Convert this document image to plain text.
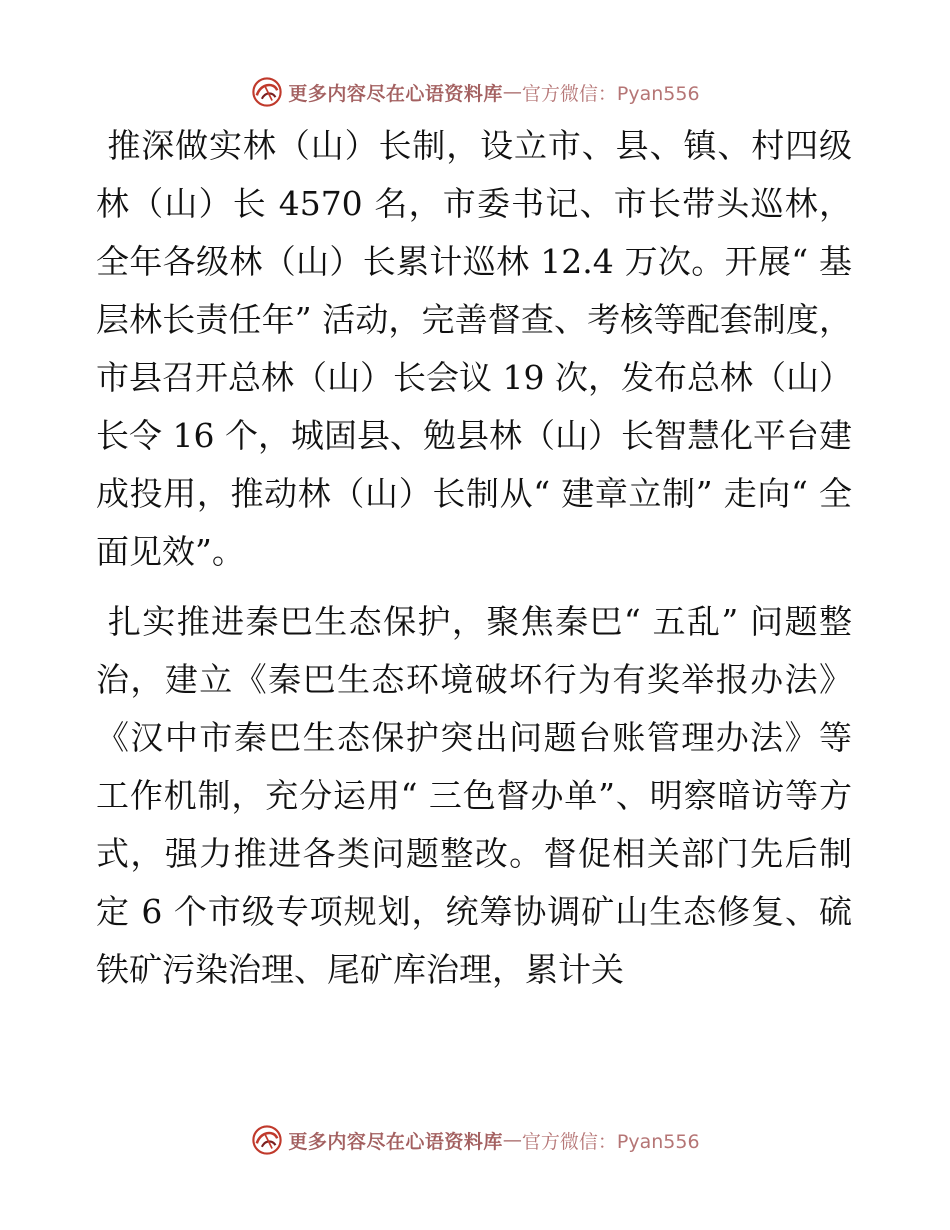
更多内容尽在心语资料库 — 官方微信：Pyan556

推深做实林（山）长制，设立市、县、镇、村四级林（山）长 4570 名，市委书记、市长带头巡林，全年各级林（山）长累计巡林 12.4 万次。开展“ 基层林长责任年” 活动，完善督查、考核等配套制度，市县召开总林（山）长会议 19 次，发布总林（山）长令 16 个，城固县、勉县林（山）长智慧化平台建成投用，推动林（山）长制从“ 建章立制” 走向“ 全面见效”。

扎实推进秦巴生态保护，聚焦秦巴“ 五乱” 问题整治，建立《秦巴生态环境破坏行为有奖举报办法》《汉中市秦巴生态保护突出问题台账管理办法》等工作机制，充分运用“ 三色督办单”、明察暗访等方式，强力推进各类问题整改。督促相关部门先后制定 6 个市级专项规划，统筹协调矿山生态修复、硫铁矿污染治理、尾矿库治理，累计关

更多内容尽在心语资料库 — 官方微信：Pyan556
